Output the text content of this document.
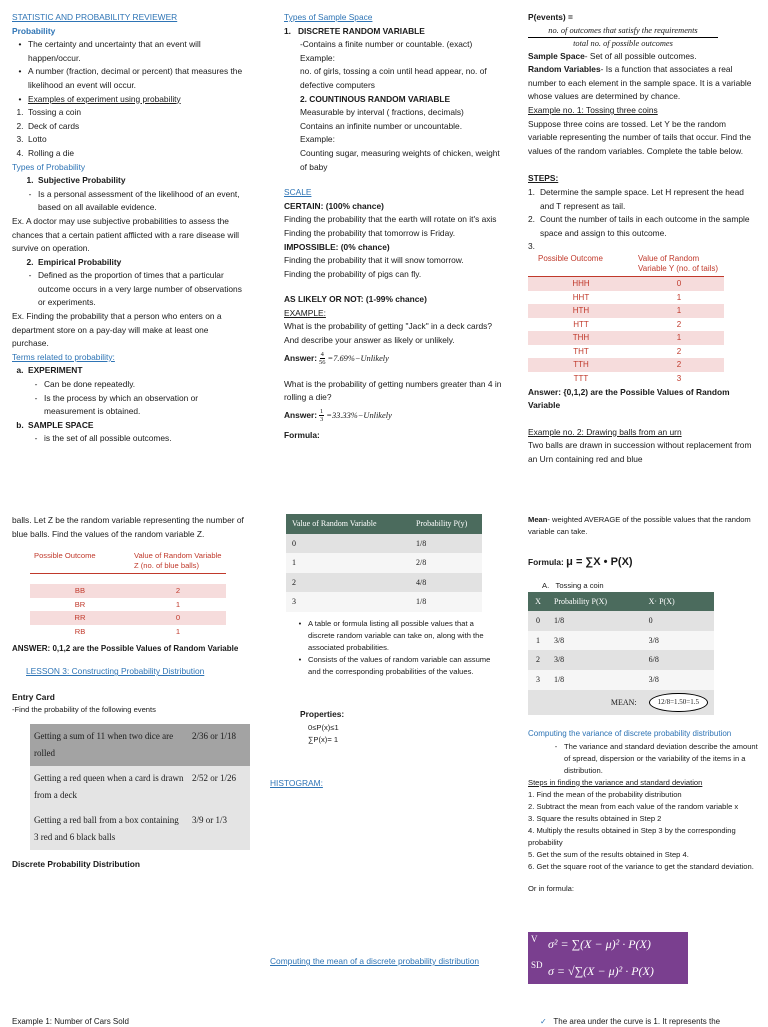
STATISTIC AND PROBABILITY REVIEWER

Probability

• The certainty and uncertainty that an event will happen/occur.
• A number (fraction, decimal or percent) that measures the likelihood an event will occur.
• Examples of experiment using probability
1. Tossing a coin
2. Deck of cards
3. Lotto
4. Rolling a die

Types of Probability

1. Subjective Probability
- Is a personal assessment of the likelihood of an event, based on all available evidence.

Ex. A doctor may use subjective probabilities to assess the chances that a certain patient afflicted with a rare disease will survive on operation.

2. Empirical Probability
- Defined as the proportion of times that a particular outcome occurs in a very large number of observations or experiments.

Ex. Finding the probability that a person who enters on a department store on a pay-day will make at least one purchase.

Terms related to probability:

a. EXPERIMENT
- Can be done repeatedly.
- Is the process by which an observation or measurement is obtained.
b. SAMPLE SPACE
- is the set of all possible outcomes.

Types of Sample Space

1. DISCRETE RANDOM VARIABLE

-Contains a finite number or countable. (exact)

Example:

no. of girls, tossing a coin until head appear, no. of defective computers

2. COUNTINOUS RANDOM VARIABLE

Measurable by interval ( fractions, decimals)

Contains an infinite number or uncountable.

Example:

Counting sugar, measuring weights of chicken, weight of baby

SCALE

CERTAIN: (100% chance)

Finding the probability that the earth will rotate on it's axis

Finding the probability that tomorrow is Friday.

IMPOSSIBLE: (0% chance)

Finding the probability that it will snow tomorrow.

Finding the probability of pigs can fly.

AS LIKELY OR NOT: (1-99% chance)

EXAMPLE:

What is the probability of getting "Jack" in a deck cards? And describe your answer as likely or unlikely.

Answer: $\frac{4}{56}$ =7.69%−Unlikely

What is the probability of getting numbers greater than 4 in rolling a die?

Answer: $\frac{1}{3}$ =33.33%−Unlikely

Formula:

P(events) =

no. of outcomes that satisfy the requirements
total no. of possible outcomes

Sample Space- Set of all possible outcomes.

Random Variables- Is a function that associates a real number to each element in the sample space. It is a variable whose values are determined by chance.

Example no. 1: Tossing three coins

Suppose three coins are tossed. Let Y be the random variable representing the number of tails that occur. Find the values of the random variables. Complete the table below.

STEPS:

1. Determine the sample space. Let H represent the head and T represent as tail.
2. Count the number of tails in each outcome in the sample space and assign to this outcome.

3.

Possible Outcome	Value of Random Variable Y (no. of tails)
HHH	0
HHT	1
HTH	1
HTT	2
THH	1
THT	2
TTH	2
TTT	3

Answer: {0,1,2) are the Possible Values of Random Variable

Example no. 2: Drawing balls from an urn

Two balls are drawn in succession without replacement from an Urn containing red and blue

balls. Let Z be the random variable representing the number of blue balls. Find the values of the random variable Z.

Possible Outcome	Value of Random Variable Z (no. of blue balls)

BB	2
BR	1
RR	0
RB	1

ANSWER: 0,1,2 are the Possible Values of Random Variable

LESSON 3: Constructing Probability Distribution

Entry Card

-Find the probability of the following events

Getting a sum of 11 when two dice are rolled	2/36 or 1/18
Getting a red queen when a card is drawn from a deck	2/52 or 1/26
Getting a red ball from a box containing 3 red and 6 black balls	3/9 or 1/3

Discrete Probability Distribution

Example 1: Number of Cars Sold

Value of Random Variable	Probability P(y)
0	1/8
1	2/8
2	4/8
3	1/8
• A table or formula listing all possible values that a discrete random variable can take on, along with the associated probabilities.
• Consists of the values of random variable can assume and the corresponding probabilities of the values.

Properties:

0≤P(x)≤1

∑P(x)= 1

HISTOGRAM:

Computing the mean of a discrete probability distribution

Mean- weighted AVERAGE of the possible values that the random variable can take.

Formula: μ = ∑X • P(X)

A. Tossing a coin

X	Probability P(X)	X· P(X)
0	1/8	0
1	3/8	3/8
2	3/8	6/8
3	1/8	3/8
	MEAN:	12/8=1.50=1.5

Computing the variance of discrete probability distribution

- The variance and standard deviation describe the amount of spread, dispersion or the variability of the items in a distribution.

Steps in finding the variance and standard deviation

1. Find the mean of the probability distribution

2. Subtract the mean from each value of the random variable x

3. Square the results obtained in Step 2

4. Multiply the results obtained in Step 3 by the corresponding probability

5. Get the sum of the results obtained in Step 4.

6. Get the square root of the variance to get the standard deviation.

Or in formula:

V σ² = ∑(X − μ)² · P(X)
SD σ = √∑(X − μ)² · P(X)

✓ The area under the curve is 1. It represents the
